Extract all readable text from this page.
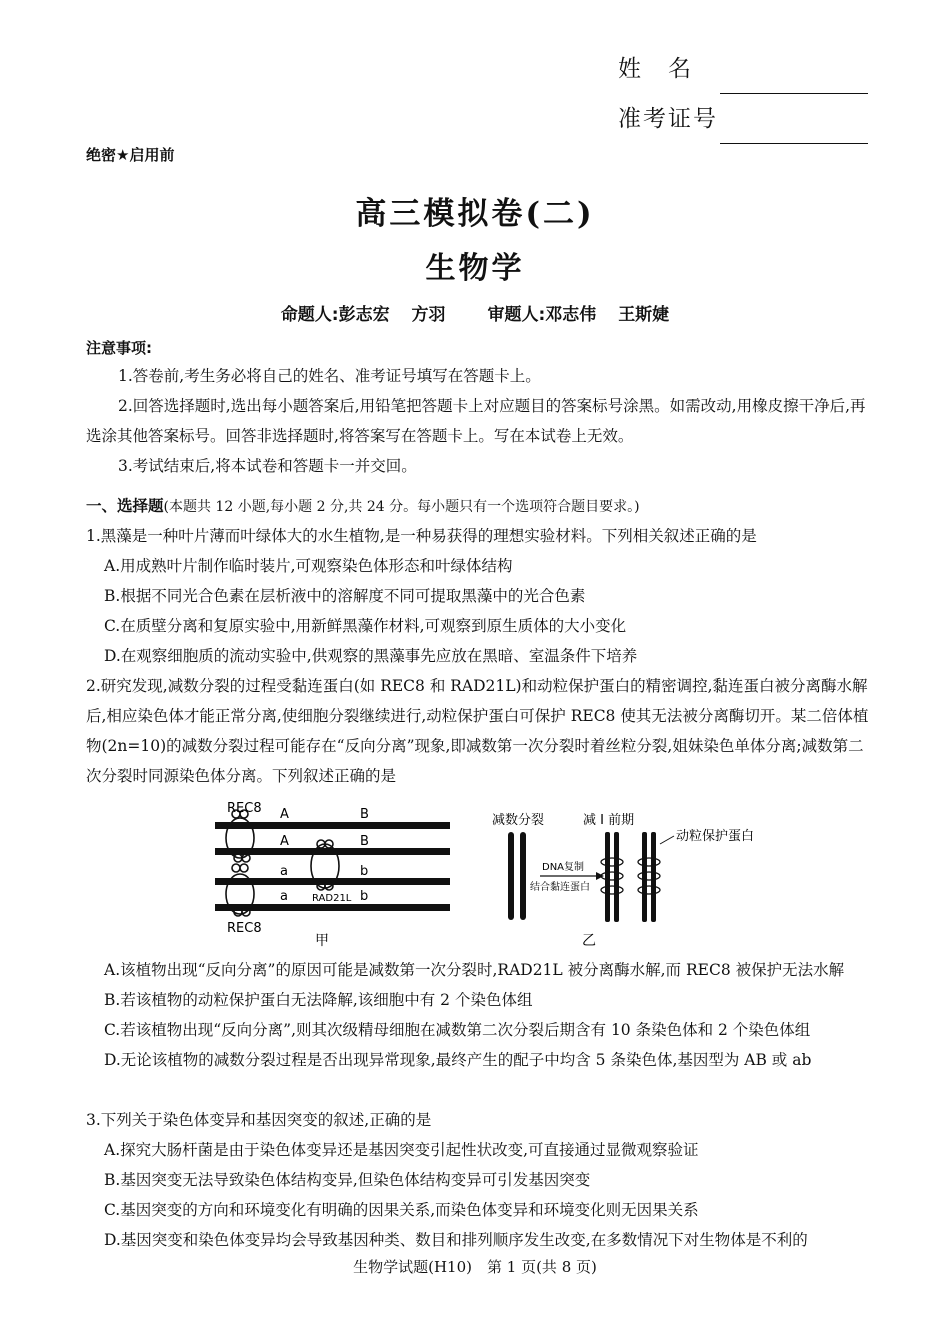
姓　名
准考证号
绝密★启用前
高三模拟卷(二)
生物学
命题人:彭志宏 方羽 审题人:邓志伟 王斯婕
注意事项:
1.答卷前,考生务必将自己的姓名、准考证号填写在答题卡上。
2.回答选择题时,选出每小题答案后,用铅笔把答题卡上对应题目的答案标号涂黑。如需改动,用橡皮擦干净后,再选涂其他答案标号。回答非选择题时,将答案写在答题卡上。写在本试卷上无效。
3.考试结束后,将本试卷和答题卡一并交回。
一、选择题(本题共 12 小题,每小题 2 分,共 24 分。每小题只有一个选项符合题目要求。)
1.黑藻是一种叶片薄而叶绿体大的水生植物,是一种易获得的理想实验材料。下列相关叙述正确的是
A.用成熟叶片制作临时装片,可观察染色体形态和叶绿体结构
B.根据不同光合色素在层析液中的溶解度不同可提取黑藻中的光合色素
C.在质壁分离和复原实验中,用新鲜黑藻作材料,可观察到原生质体的大小变化
D.在观察细胞质的流动实验中,供观察的黑藻事先应放在黑暗、室温条件下培养
2.研究发现,减数分裂的过程受黏连蛋白(如 REC8 和 RAD21L)和动粒保护蛋白的精密调控,黏连蛋白被分离酶水解后,相应染色体才能正常分离,使细胞分裂继续进行,动粒保护蛋白可保护 REC8 使其无法被分离酶切开。某二倍体植物(2n=10)的减数分裂过程可能存在“反向分离”现象,即减数第一次分裂时着丝粒分裂,姐妹染色单体分离;减数第二次分裂时同源染色体分离。下列叙述正确的是
REC8
REC8
RAD21L
A
A
a
a
B
B
b
b
甲
减数分裂	减 I 前期
动粒保护蛋白
DNA复制
结合黏连蛋白
乙
A.该植物出现“反向分离”的原因可能是减数第一次分裂时,RAD21L 被分离酶水解,而 REC8 被保护无法水解
B.若该植物的动粒保护蛋白无法降解,该细胞中有 2 个染色体组
C.若该植物出现“反向分离”,则其次级精母细胞在减数第二次分裂后期含有 10 条染色体和 2 个染色体组
D.无论该植物的减数分裂过程是否出现异常现象,最终产生的配子中均含 5 条染色体,基因型为 AB 或 ab
3.下列关于染色体变异和基因突变的叙述,正确的是
A.探究大肠杆菌是由于染色体变异还是基因突变引起性状改变,可直接通过显微观察验证
B.基因突变无法导致染色体结构变异,但染色体结构变异可引发基因突变
C.基因突变的方向和环境变化有明确的因果关系,而染色体变异和环境变化则无因果关系
D.基因突变和染色体变异均会导致基因种类、数目和排列顺序发生改变,在多数情况下对生物体是不利的
生物学试题(H10)　第 1 页(共 8 页)
